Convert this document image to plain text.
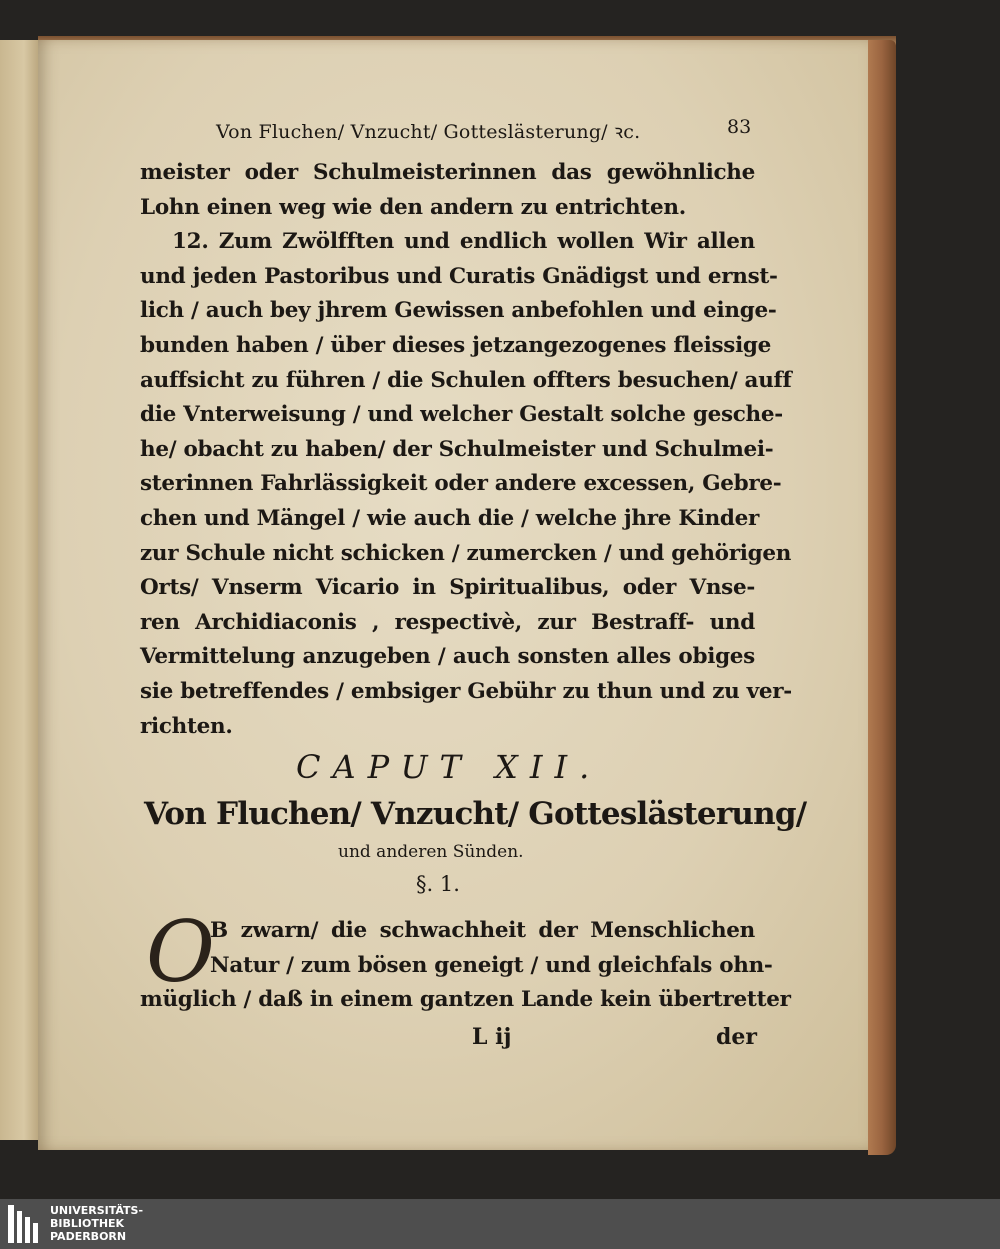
Von Fluchen/ Vnzucht/ Gotteslästerung/ ꝛc.	83
meister oder Schulmeisterinnen das gewöhnliche
Lohn einen weg wie den andern zu entrichten.
12. Zum Zwölfften und endlich wollen Wir allen
und jeden Pastoribus und Curatis Gnädigst und ernst-
lich / auch bey jhrem Gewissen anbefohlen und einge-
bunden haben / über dieses jetzangezogenes fleissige
auffsicht zu führen / die Schulen offters besuchen/ auff
die Vnterweisung / und welcher Gestalt solche gesche-
he/ obacht zu haben/ der Schulmeister und Schulmei-
sterinnen Fahrlässigkeit oder andere excessen, Gebre-
chen und Mängel / wie auch die / welche jhre Kinder
zur Schule nicht schicken / zumercken / und gehörigen
Orts/ Vnserm Vicario in Spiritualibus, oder Vnse-
ren Archidiaconis , respectivè, zur Bestraff- und
Vermittelung anzugeben / auch sonsten alles obiges
sie betreffendes / embsiger Gebühr zu thun und zu ver-
richten.
CAPUT XII.
Von Fluchen/ Vnzucht/ Gotteslästerung/
und anderen Sünden.
§. 1.
O
B zwarn/ die schwachheit der Menschlichen
Natur / zum bösen geneigt / und gleichfals ohn-
müglich / daß in einem gantzen Lande kein übertretter
L ij	der
UNIVERSITÄTS-
BIBLIOTHEK
PADERBORN
